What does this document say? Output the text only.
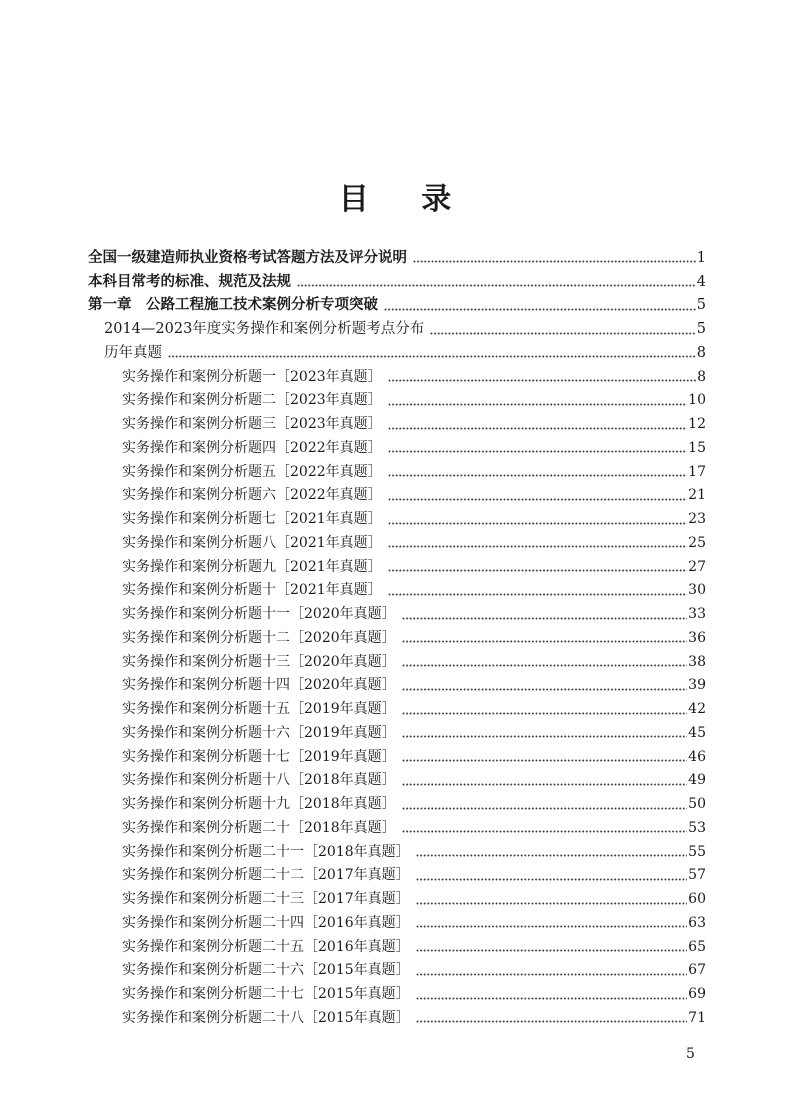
目 录
全国一级建造师执业资格考试答题方法及评分说明	1
本科目常考的标准、规范及法规	4
第一章　公路工程施工技术案例分析专项突破	5
2014—2023年度实务操作和案例分析题考点分布	5
历年真题	8
实务操作和案例分析题一［2023年真题］	8
实务操作和案例分析题二［2023年真题］	10
实务操作和案例分析题三［2023年真题］	12
实务操作和案例分析题四［2022年真题］	15
实务操作和案例分析题五［2022年真题］	17
实务操作和案例分析题六［2022年真题］	21
实务操作和案例分析题七［2021年真题］	23
实务操作和案例分析题八［2021年真题］	25
实务操作和案例分析题九［2021年真题］	27
实务操作和案例分析题十［2021年真题］	30
实务操作和案例分析题十一［2020年真题］	33
实务操作和案例分析题十二［2020年真题］	36
实务操作和案例分析题十三［2020年真题］	38
实务操作和案例分析题十四［2020年真题］	39
实务操作和案例分析题十五［2019年真题］	42
实务操作和案例分析题十六［2019年真题］	45
实务操作和案例分析题十七［2019年真题］	46
实务操作和案例分析题十八［2018年真题］	49
实务操作和案例分析题十九［2018年真题］	50
实务操作和案例分析题二十［2018年真题］	53
实务操作和案例分析题二十一［2018年真题］	55
实务操作和案例分析题二十二［2017年真题］	57
实务操作和案例分析题二十三［2017年真题］	60
实务操作和案例分析题二十四［2016年真题］	63
实务操作和案例分析题二十五［2016年真题］	65
实务操作和案例分析题二十六［2015年真题］	67
实务操作和案例分析题二十七［2015年真题］	69
实务操作和案例分析题二十八［2015年真题］	71
5
